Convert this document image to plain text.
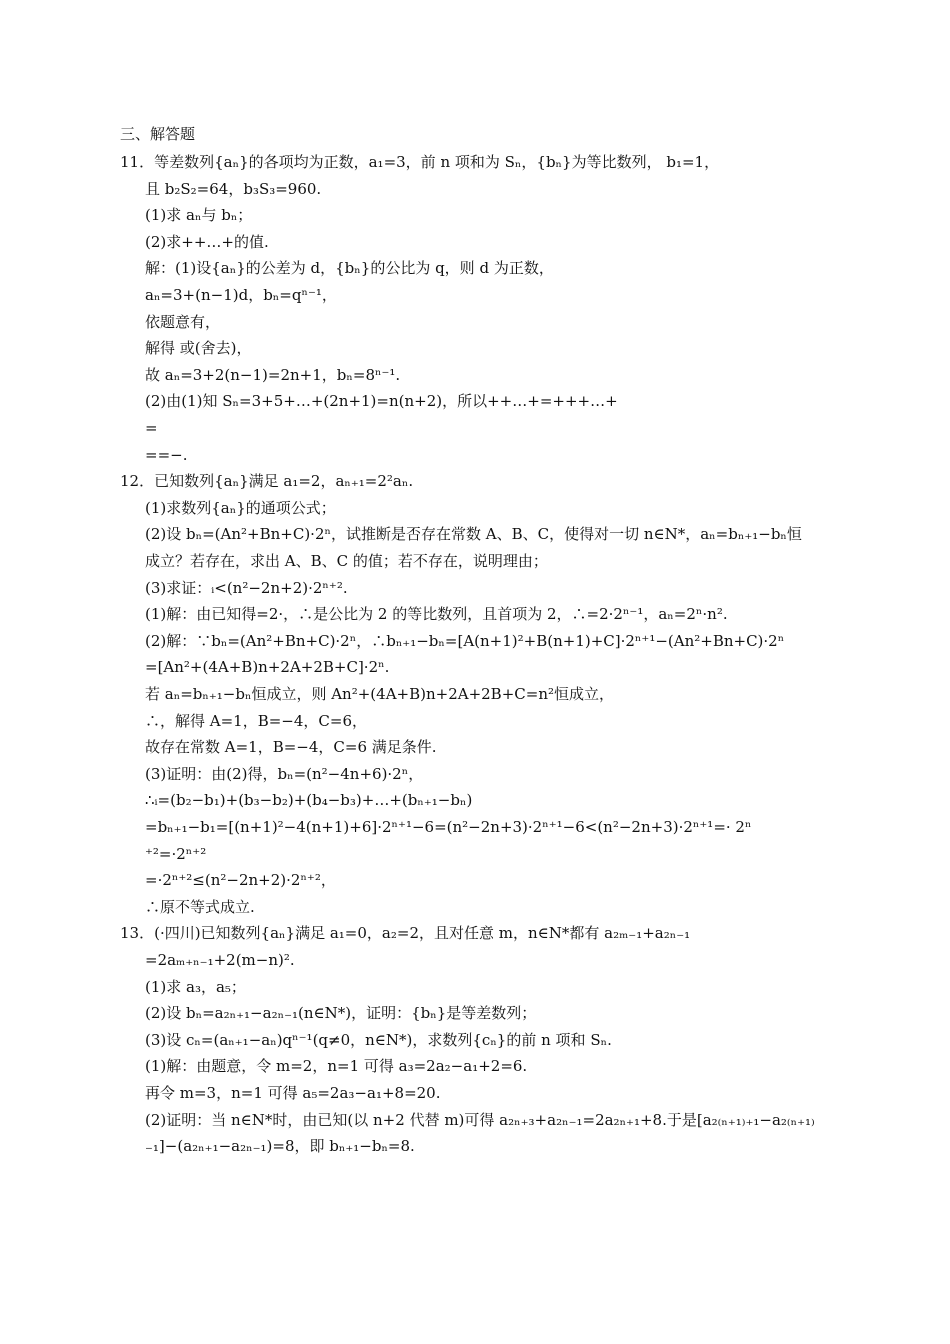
三、解答题
11．等差数列{aₙ}的各项均为正数，a₁=3，前 n 项和为 Sₙ，{bₙ}为等比数列， b₁=1，
且 b₂S₂=64，b₃S₃=960.
(1)求 aₙ与 bₙ；
(2)求++…+的值.
解：(1)设{aₙ}的公差为 d，{bₙ}的公比为 q，则 d 为正数，
aₙ=3+(n−1)d，bₙ=qⁿ⁻¹，
依题意有，
解得 或(舍去)，
故 aₙ=3+2(n−1)=2n+1，bₙ=8ⁿ⁻¹.
(2)由(1)知 Sₙ=3+5+…+(2n+1)=n(n+2)，所以++…+=+++…+
=
==−.
12．已知数列{aₙ}满足 a₁=2，aₙ₊₁=2²aₙ.
(1)求数列{aₙ}的通项公式；
(2)设 bₙ=(An²+Bn+C)·2ⁿ，试推断是否存在常数 A、B、C，使得对一切 n∈N*，aₙ=bₙ₊₁−bₙ恒
成立？若存在，求出 A、B、C 的值；若不存在，说明理由；
(3)求证：ᵢ<(n²−2n+2)·2ⁿ⁺².
(1)解：由已知得=2·，∴是公比为 2 的等比数列，且首项为 2，∴=2·2ⁿ⁻¹，aₙ=2ⁿ·n².
(2)解：∵bₙ=(An²+Bn+C)·2ⁿ，∴bₙ₊₁−bₙ=[A(n+1)²+B(n+1)+C]·2ⁿ⁺¹−(An²+Bn+C)·2ⁿ
=[An²+(4A+B)n+2A+2B+C]·2ⁿ.
若 aₙ=bₙ₊₁−bₙ恒成立，则 An²+(4A+B)n+2A+2B+C=n²恒成立，
∴，解得 A=1，B=−4，C=6，
故存在常数 A=1，B=−4，C=6 满足条件.
(3)证明：由(2)得，bₙ=(n²−4n+6)·2ⁿ，
∴ᵢ=(b₂−b₁)+(b₃−b₂)+(b₄−b₃)+…+(bₙ₊₁−bₙ)
=bₙ₊₁−b₁=[(n+1)²−4(n+1)+6]·2ⁿ⁺¹−6=(n²−2n+3)·2ⁿ⁺¹−6<(n²−2n+3)·2ⁿ⁺¹=· 2ⁿ
⁺²=·2ⁿ⁺²
=·2ⁿ⁺²≤(n²−2n+2)·2ⁿ⁺²，
∴原不等式成立.
13．(·四川)已知数列{aₙ}满足 a₁=0，a₂=2，且对任意 m，n∈N*都有 a₂ₘ₋₁+a₂ₙ₋₁
=2aₘ₊ₙ₋₁+2(m−n)².
(1)求 a₃，a₅；
(2)设 bₙ=a₂ₙ₊₁−a₂ₙ₋₁(n∈N*)，证明：{bₙ}是等差数列；
(3)设 cₙ=(aₙ₊₁−aₙ)qⁿ⁻¹(q≠0，n∈N*)，求数列{cₙ}的前 n 项和 Sₙ.
(1)解：由题意，令 m=2，n=1 可得 a₃=2a₂−a₁+2=6.
再令 m=3，n=1 可得 a₅=2a₃−a₁+8=20.
(2)证明：当 n∈N*时，由已知(以 n+2 代替 m)可得 a₂ₙ₊₃+a₂ₙ₋₁=2a₂ₙ₊₁+8.于是[a₂₍ₙ₊₁₎₊₁−a₂₍ₙ₊₁₎
₋₁]−(a₂ₙ₊₁−a₂ₙ₋₁)=8，即 bₙ₊₁−bₙ=8.
